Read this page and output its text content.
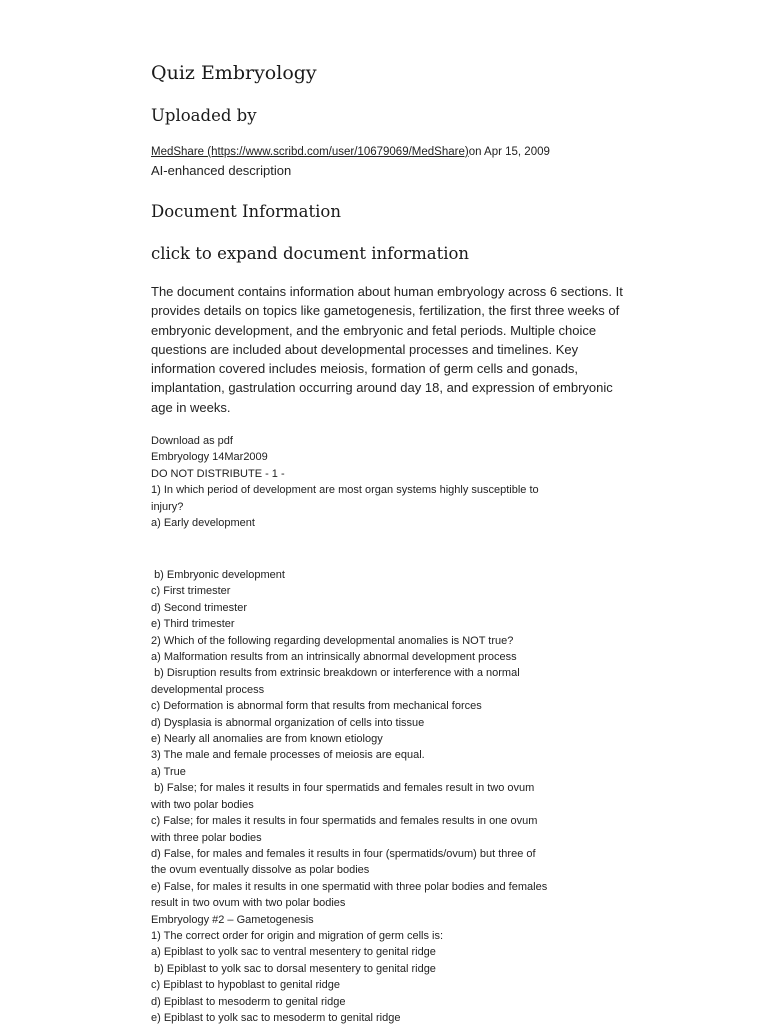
Quiz Embryology
Uploaded by
MedShare (https://www.scribd.com/user/10679069/MedShare)on Apr 15, 2009
AI-enhanced description
Document Information
click to expand document information

The document contains information about human embryology across 6 sections. It provides details on topics like gametogenesis, fertilization, the first three weeks of embryonic development, and the embryonic and fetal periods. Multiple choice questions are included about developmental processes and timelines. Key information covered includes meiosis, formation of germ cells and gonads, implantation, gastrulation occurring around day 18, and expression of embryonic age in weeks.

Download as pdf

Embryology 14Mar2009

DO NOT DISTRIBUTE - 1 -

1) In which period of development are most organ systems highly susceptible to injury?

a) Early development

b) Embryonic development

c) First trimester

d) Second trimester

e) Third trimester

2) Which of the following regarding developmental anomalies is NOT true?

a) Malformation results from an intrinsically abnormal development process

b) Disruption results from extrinsic breakdown or interference with a normal

developmental process

c) Deformation is abnormal form that results from mechanical forces

d) Dysplasia is abnormal organization of cells into tissue

e) Nearly all anomalies are from known etiology

3) The male and female processes of meiosis are equal.

a) True

b) False; for males it results in four spermatids and females result in two ovum

with two polar bodies

c) False; for males it results in four spermatids and females results in one ovum

with three polar bodies

d) False, for males and females it results in four (spermatids/ovum) but three of

the ovum eventually dissolve as polar bodies

e) False, for males it results in one spermatid with three polar bodies and females

result in two ovum with two polar bodies

Embryology #2 – Gametogenesis

1) The correct order for origin and migration of germ cells is:

a) Epiblast to yolk sac to ventral mesentery to genital ridge

b) Epiblast to yolk sac to dorsal mesentery to genital ridge

c) Epiblast to hypoblast to genital ridge

d) Epiblast to mesoderm to genital ridge

e) Epiblast to yolk sac to mesoderm to genital ridge
